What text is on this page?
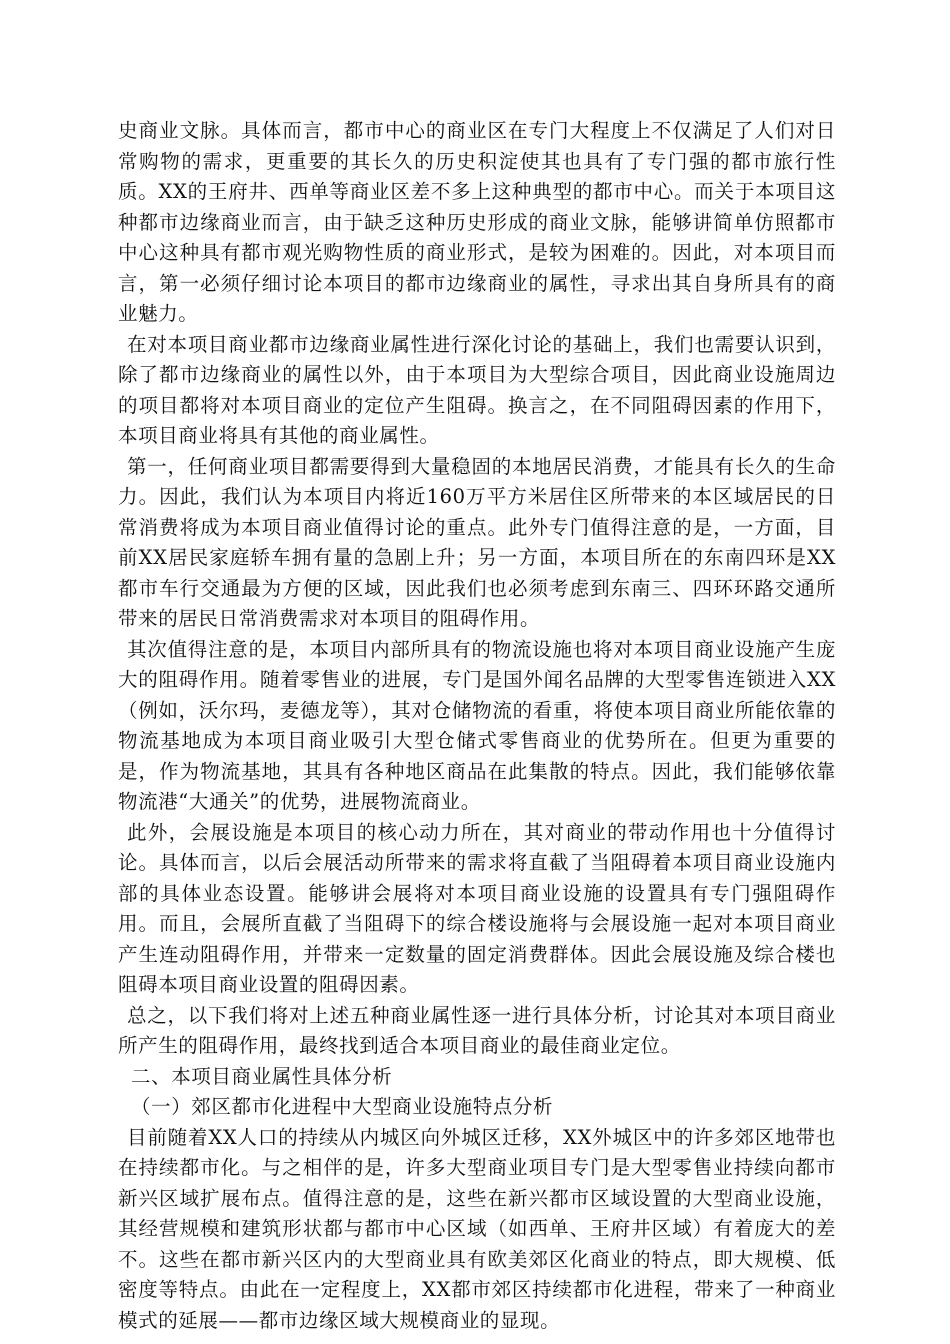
史商业文脉。具体而言，都市中心的商业区在专门大程度上不仅满足了人们对日常购物的需求，更重要的其长久的历史积淀使其也具有了专门强的都市旅行性质。XX的王府井、西单等商业区差不多上这种典型的都市中心。而关于本项目这种都市边缘商业而言，由于缺乏这种历史形成的商业文脉，能够讲简单仿照都市中心这种具有都市观光购物性质的商业形式，是较为困难的。因此，对本项目而言，第一必须仔细讨论本项目的都市边缘商业的属性，寻求出其自身所具有的商业魅力。

在对本项目商业都市边缘商业属性进行深化讨论的基础上，我们也需要认识到，除了都市边缘商业的属性以外，由于本项目为大型综合项目，因此商业设施周边的项目都将对本项目商业的定位产生阻碍。换言之，在不同阻碍因素的作用下，本项目商业将具有其他的商业属性。

第一，任何商业项目都需要得到大量稳固的本地居民消费，才能具有长久的生命力。因此，我们认为本项目内将近160万平方米居住区所带来的本区域居民的日常消费将成为本项目商业值得讨论的重点。此外专门值得注意的是，一方面，目前XX居民家庭轿车拥有量的急剧上升；另一方面，本项目所在的东南四环是XX都市车行交通最为方便的区域，因此我们也必须考虑到东南三、四环环路交通所带来的居民日常消费需求对本项目的阻碍作用。

其次值得注意的是，本项目内部所具有的物流设施也将对本项目商业设施产生庞大的阻碍作用。随着零售业的进展，专门是国外闻名品牌的大型零售连锁进入XX（例如，沃尔玛，麦德龙等），其对仓储物流的看重，将使本项目商业所能依靠的物流基地成为本项目商业吸引大型仓储式零售商业的优势所在。但更为重要的是，作为物流基地，其具有各种地区商品在此集散的特点。因此，我们能够依靠物流港“大通关”的优势，进展物流商业。

此外，会展设施是本项目的核心动力所在，其对商业的带动作用也十分值得讨论。具体而言，以后会展活动所带来的需求将直截了当阻碍着本项目商业设施内部的具体业态设置。能够讲会展将对本项目商业设施的设置具有专门强阻碍作用。而且，会展所直截了当阻碍下的综合楼设施将与会展设施一起对本项目商业产生连动阻碍作用，并带来一定数量的固定消费群体。因此会展设施及综合楼也阻碍本项目商业设置的阻碍因素。

总之，以下我们将对上述五种商业属性逐一进行具体分析，讨论其对本项目商业所产生的阻碍作用，最终找到适合本项目商业的最佳商业定位。

二、本项目商业属性具体分析

（一）郊区都市化进程中大型商业设施特点分析

目前随着XX人口的持续从内城区向外城区迁移，XX外城区中的许多郊区地带也在持续都市化。与之相伴的是，许多大型商业项目专门是大型零售业持续向都市新兴区域扩展布点。值得注意的是，这些在新兴都市区域设置的大型商业设施，其经营规模和建筑形状都与都市中心区域（如西单、王府井区域）有着庞大的差不。这些在都市新兴区内的大型商业具有欧美郊区化商业的特点，即大规模、低密度等特点。由此在一定程度上，XX都市郊区持续都市化进程，带来了一种商业模式的延展——都市边缘区域大规模商业的显现。
